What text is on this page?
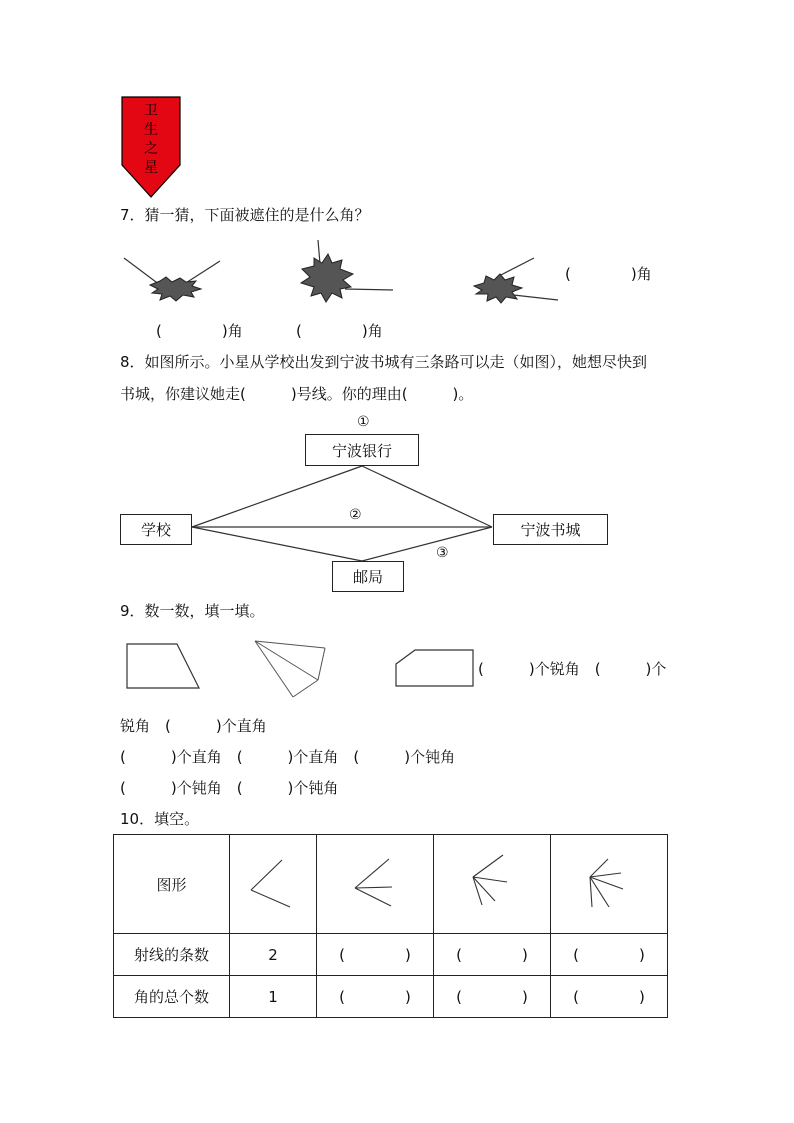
卫生之星
7．猜一猜，下面被遮住的是什么角？
(　　　　)角
(　　　　)角	(　　　　)角
8．如图所示。小星从学校出发到宁波书城有三条路可以走（如图），她想尽快到
书城，你建议她走(　　　)号线。你的理由(　　　)。
①
②
③
宁波银行
学校	宁波书城
邮局
9．数一数，填一填。
(　　　)个锐角　(　　　)个
锐角　(　　　)个直角
(　　　)个直角　(　　　)个直角　(　　　)个钝角
(　　　)个钝角　(　　　)个钝角
10．填空。
图形				
射线的条数	2	(　　　　)	(　　　　)	(　　　　)
角的总个数	1	(　　　　)	(　　　　)	(　　　　)
